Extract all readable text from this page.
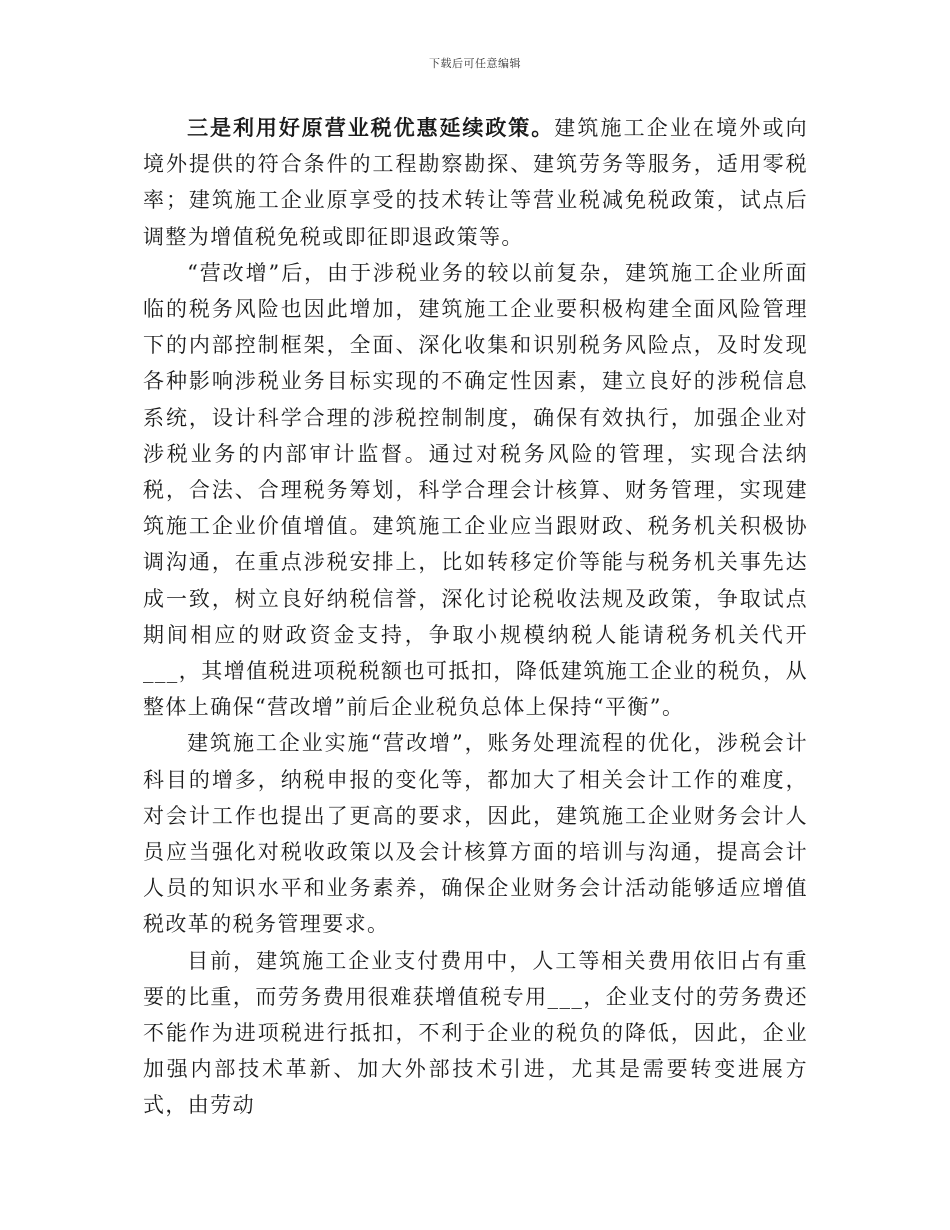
下载后可任意编辑

三是利用好原营业税优惠延续政策。建筑施工企业在境外或向境外提供的符合条件的工程勘察勘探、建筑劳务等服务，适用零税率；建筑施工企业原享受的技术转让等营业税减免税政策，试点后调整为增值税免税或即征即退政策等。

“营改增”后，由于涉税业务的较以前复杂，建筑施工企业所面临的税务风险也因此增加，建筑施工企业要积极构建全面风险管理下的内部控制框架，全面、深化收集和识别税务风险点，及时发现各种影响涉税业务目标实现的不确定性因素，建立良好的涉税信息系统，设计科学合理的涉税控制制度，确保有效执行，加强企业对涉税业务的内部审计监督。通过对税务风险的管理，实现合法纳税，合法、合理税务筹划，科学合理会计核算、财务管理，实现建筑施工企业价值增值。建筑施工企业应当跟财政、税务机关积极协调沟通，在重点涉税安排上，比如转移定价等能与税务机关事先达成一致，树立良好纳税信誉，深化讨论税收法规及政策，争取试点期间相应的财政资金支持，争取小规模纳税人能请税务机关代开___，其增值税进项税税额也可抵扣，降低建筑施工企业的税负，从整体上确保“营改增”前后企业税负总体上保持“平衡”。

建筑施工企业实施“营改增”，账务处理流程的优化，涉税会计科目的增多，纳税申报的变化等，都加大了相关会计工作的难度，对会计工作也提出了更高的要求，因此，建筑施工企业财务会计人员应当强化对税收政策以及会计核算方面的培训与沟通，提高会计人员的知识水平和业务素养，确保企业财务会计活动能够适应增值税改革的税务管理要求。

目前，建筑施工企业支付费用中，人工等相关费用依旧占有重要的比重，而劳务费用很难获增值税专用___，企业支付的劳务费还不能作为进项税进行抵扣，不利于企业的税负的降低，因此，企业加强内部技术革新、加大外部技术引进，尤其是需要转变进展方式，由劳动
